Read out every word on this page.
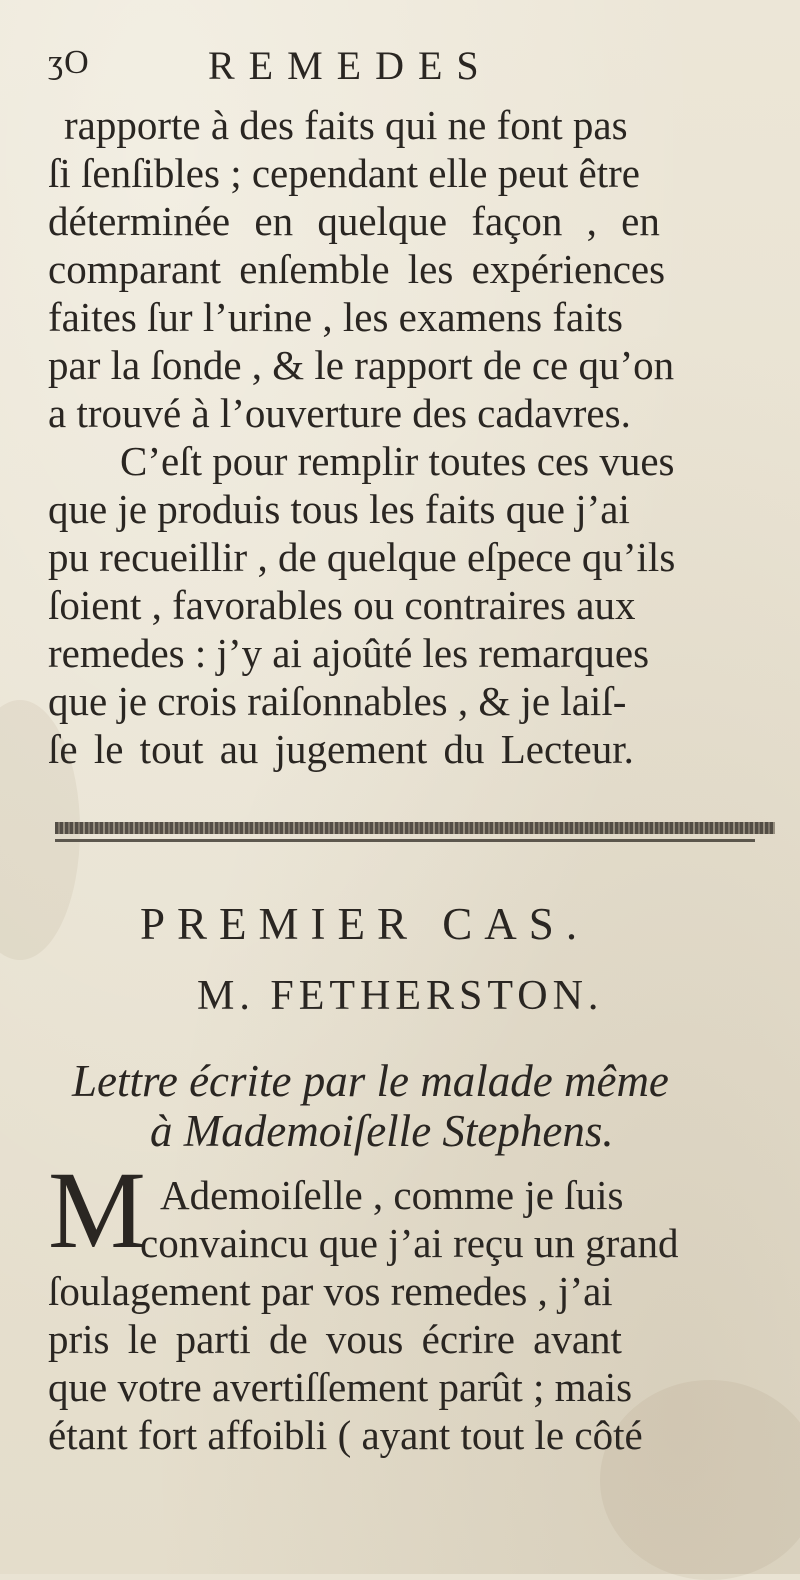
ʒO	REMEDES
rapporte à des faits qui ne font pas
ſi ſenſibles ; cependant elle peut être
déterminée en quelque façon , en
comparant enſemble les expériences
faites ſur l’urine , les examens faits
par la ſonde , & le rapport de ce qu’on
a trouvé à l’ouverture des cadavres.
C’eſt pour remplir toutes ces vues
que je produis tous les faits que j’ai
pu recueillir , de quelque eſpece qu’ils
ſoient , favorables ou contraires aux
remedes : j’y ai ajoûté les remarques
que je crois raiſonnables , & je laiſ-
ſe le tout au jugement du Lecteur.
PREMIER CAS.
M. FETHERSTON.
Lettre écrite par le malade même
à Mademoiſelle Stephens.
M Ademoiſelle , comme je ſuis
convaincu que j’ai reçu un grand
ſoulagement par vos remedes , j’ai
pris le parti de vous écrire avant
que votre avertiſſement parût ; mais
étant fort affoibli ( ayant tout le côté
